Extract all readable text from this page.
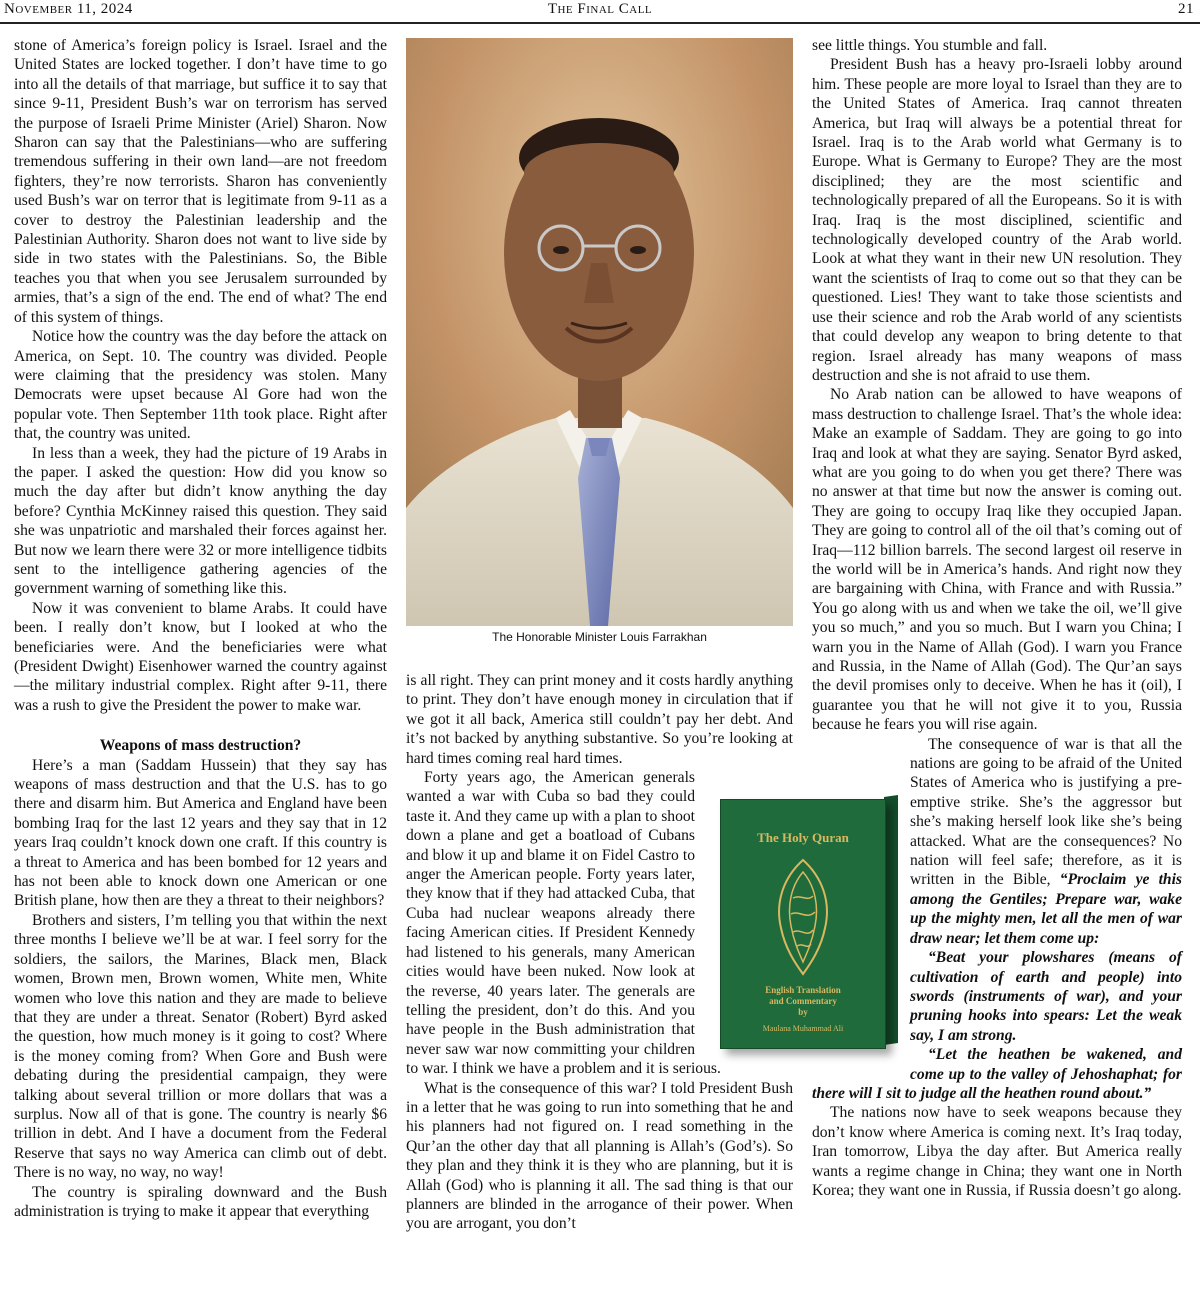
November 11, 2024	The Final Call	21

stone of America’s foreign policy is Israel. Israel and the United States are locked together. I don’t have time to go into all the details of that marriage, but suffice it to say that since 9-11, President Bush’s war on terrorism has served the purpose of Israeli Prime Minister (Ariel) Sharon. Now Sharon can say that the Palestinians—who are suffering tremendous suffering in their own land—are not freedom fighters, they’re now terrorists. Sharon has conveniently used Bush’s war on terror that is legitimate from 9-11 as a cover to destroy the Palestinian leadership and the Palestinian Authority. Sharon does not want to live side by side in two states with the Palestinians. So, the Bible teaches you that when you see Jerusalem surrounded by armies, that’s a sign of the end. The end of what? The end of this system of things.

Notice how the country was the day before the attack on America, on Sept. 10. The country was divided. People were claiming that the presidency was stolen. Many Democrats were upset because Al Gore had won the popular vote. Then September 11th took place. Right after that, the country was united.

In less than a week, they had the picture of 19 Arabs in the paper. I asked the question: How did you know so much the day after but didn’t know anything the day before? Cynthia McKinney raised this question. They said she was unpatriotic and marshaled their forces against her. But now we learn there were 32 or more intelligence tidbits sent to the intelligence gathering agencies of the government warning of something like this.

Now it was convenient to blame Arabs. It could have been. I really don’t know, but I looked at who the beneficiaries were. And the beneficiaries were what (President Dwight) Eisenhower warned the country against—the military industrial complex. Right after 9-11, there was a rush to give the President the power to make war.

Weapons of mass destruction?

Here’s a man (Saddam Hussein) that they say has weapons of mass destruction and that the U.S. has to go there and disarm him. But America and England have been bombing Iraq for the last 12 years and they say that in 12 years Iraq couldn’t knock down one craft. If this country is a threat to America and has been bombed for 12 years and has not been able to knock down one American or one British plane, how then are they a threat to their neighbors?

Brothers and sisters, I’m telling you that within the next three months I believe we’ll be at war. I feel sorry for the soldiers, the sailors, the Marines, Black men, Black women, Brown men, Brown women, White men, White women who love this nation and they are made to believe that they are under a threat. Senator (Robert) Byrd asked the question, how much money is it going to cost? Where is the money coming from? When Gore and Bush were debating during the presidential campaign, they were talking about several trillion or more dollars that was a surplus. Now all of that is gone. The country is nearly $6 trillion in debt. And I have a document from the Federal Reserve that says no way America can climb out of debt. There is no way, no way, no way!

The country is spiraling downward and the Bush administration is trying to make it appear that everything

The Honorable Minister Louis Farrakhan

is all right. They can print money and it costs hardly anything to print. They don’t have enough money in circulation that if we got it all back, America still couldn’t pay her debt. And it’s not backed by anything substantive. So you’re looking at hard times coming real hard times.

Forty years ago, the American generals wanted a war with Cuba so bad they could taste it. And they came up with a plan to shoot down a plane and get a boatload of Cubans and blow it up and blame it on Fidel Castro to anger the American people. Forty years later, they know that if they had attacked Cuba, that Cuba had nuclear weapons already there facing American cities. If President Kennedy had listened to his generals, many American cities would have been nuked. Now look at the reverse, 40 years later. The generals are telling the president, don’t do this. And you have people in the Bush administration that never saw war now committing your children to war. I think we have a problem and it is serious.

What is the consequence of this war? I told President Bush in a letter that he was going to run into something that he and his planners had not figured on. I read something in the Qur’an the other day that all planning is Allah’s (God’s). So they plan and they think it is they who are planning, but it is Allah (God) who is planning it all. The sad thing is that our planners are blinded in the arrogance of their power. When you are arrogant, you don’t

The Holy Quran
English Translation
and Commentary
by
Maulana Muhammad Ali

see little things. You stumble and fall.

President Bush has a heavy pro-Israeli lobby around him. These people are more loyal to Israel than they are to the United States of America. Iraq cannot threaten America, but Iraq will always be a potential threat for Israel. Iraq is to the Arab world what Germany is to Europe. What is Germany to Europe? They are the most disciplined; they are the most scientific and technologically prepared of all the Europeans. So it is with Iraq. Iraq is the most disciplined, scientific and technologically developed country of the Arab world. Look at what they want in their new UN resolution. They want the scientists of Iraq to come out so that they can be questioned. Lies! They want to take those scientists and use their science and rob the Arab world of any scientists that could develop any weapon to bring detente to that region. Israel already has many weapons of mass destruction and she is not afraid to use them.

No Arab nation can be allowed to have weapons of mass destruction to challenge Israel. That’s the whole idea: Make an example of Saddam. They are going to go into Iraq and look at what they are saying. Senator Byrd asked, what are you going to do when you get there? There was no answer at that time but now the answer is coming out. They are going to occupy Iraq like they occupied Japan. They are going to control all of the oil that’s coming out of Iraq—112 billion barrels. The second largest oil reserve in the world will be in America’s hands. And right now they are bargaining with China, with France and with Russia.” You go along with us and when we take the oil, we’ll give you so much,” and you so much. But I warn you China; I warn you in the Name of Allah (God). I warn you France and Russia, in the Name of Allah (God). The Qur’an says the devil promises only to deceive. When he has it (oil), I guarantee you that he will not give it to you, Russia because he fears you will rise again.

The consequence of war is that all the nations are going to be afraid of the United States of America who is justifying a pre-emptive strike. She’s the aggressor but she’s making herself look like she’s being attacked. What are the consequences? No nation will feel safe; therefore, as it is written in the Bible, “Proclaim ye this among the Gentiles; Prepare war, wake up the mighty men, let all the men of war draw near; let them come up:

“Beat your plowshares (means of cultivation of earth and people) into swords (instruments of war), and your pruning hooks into spears: Let the weak say, I am strong.

“Let the heathen be wakened, and come up to the valley of Jehoshaphat; for there will I sit to judge all the heathen round about.”

The nations now have to seek weapons because they don’t know where America is coming next. It’s Iraq today, Iran tomorrow, Libya the day after. But America really wants a regime change in China; they want one in North Korea; they want one in Russia, if Russia doesn’t go along.
